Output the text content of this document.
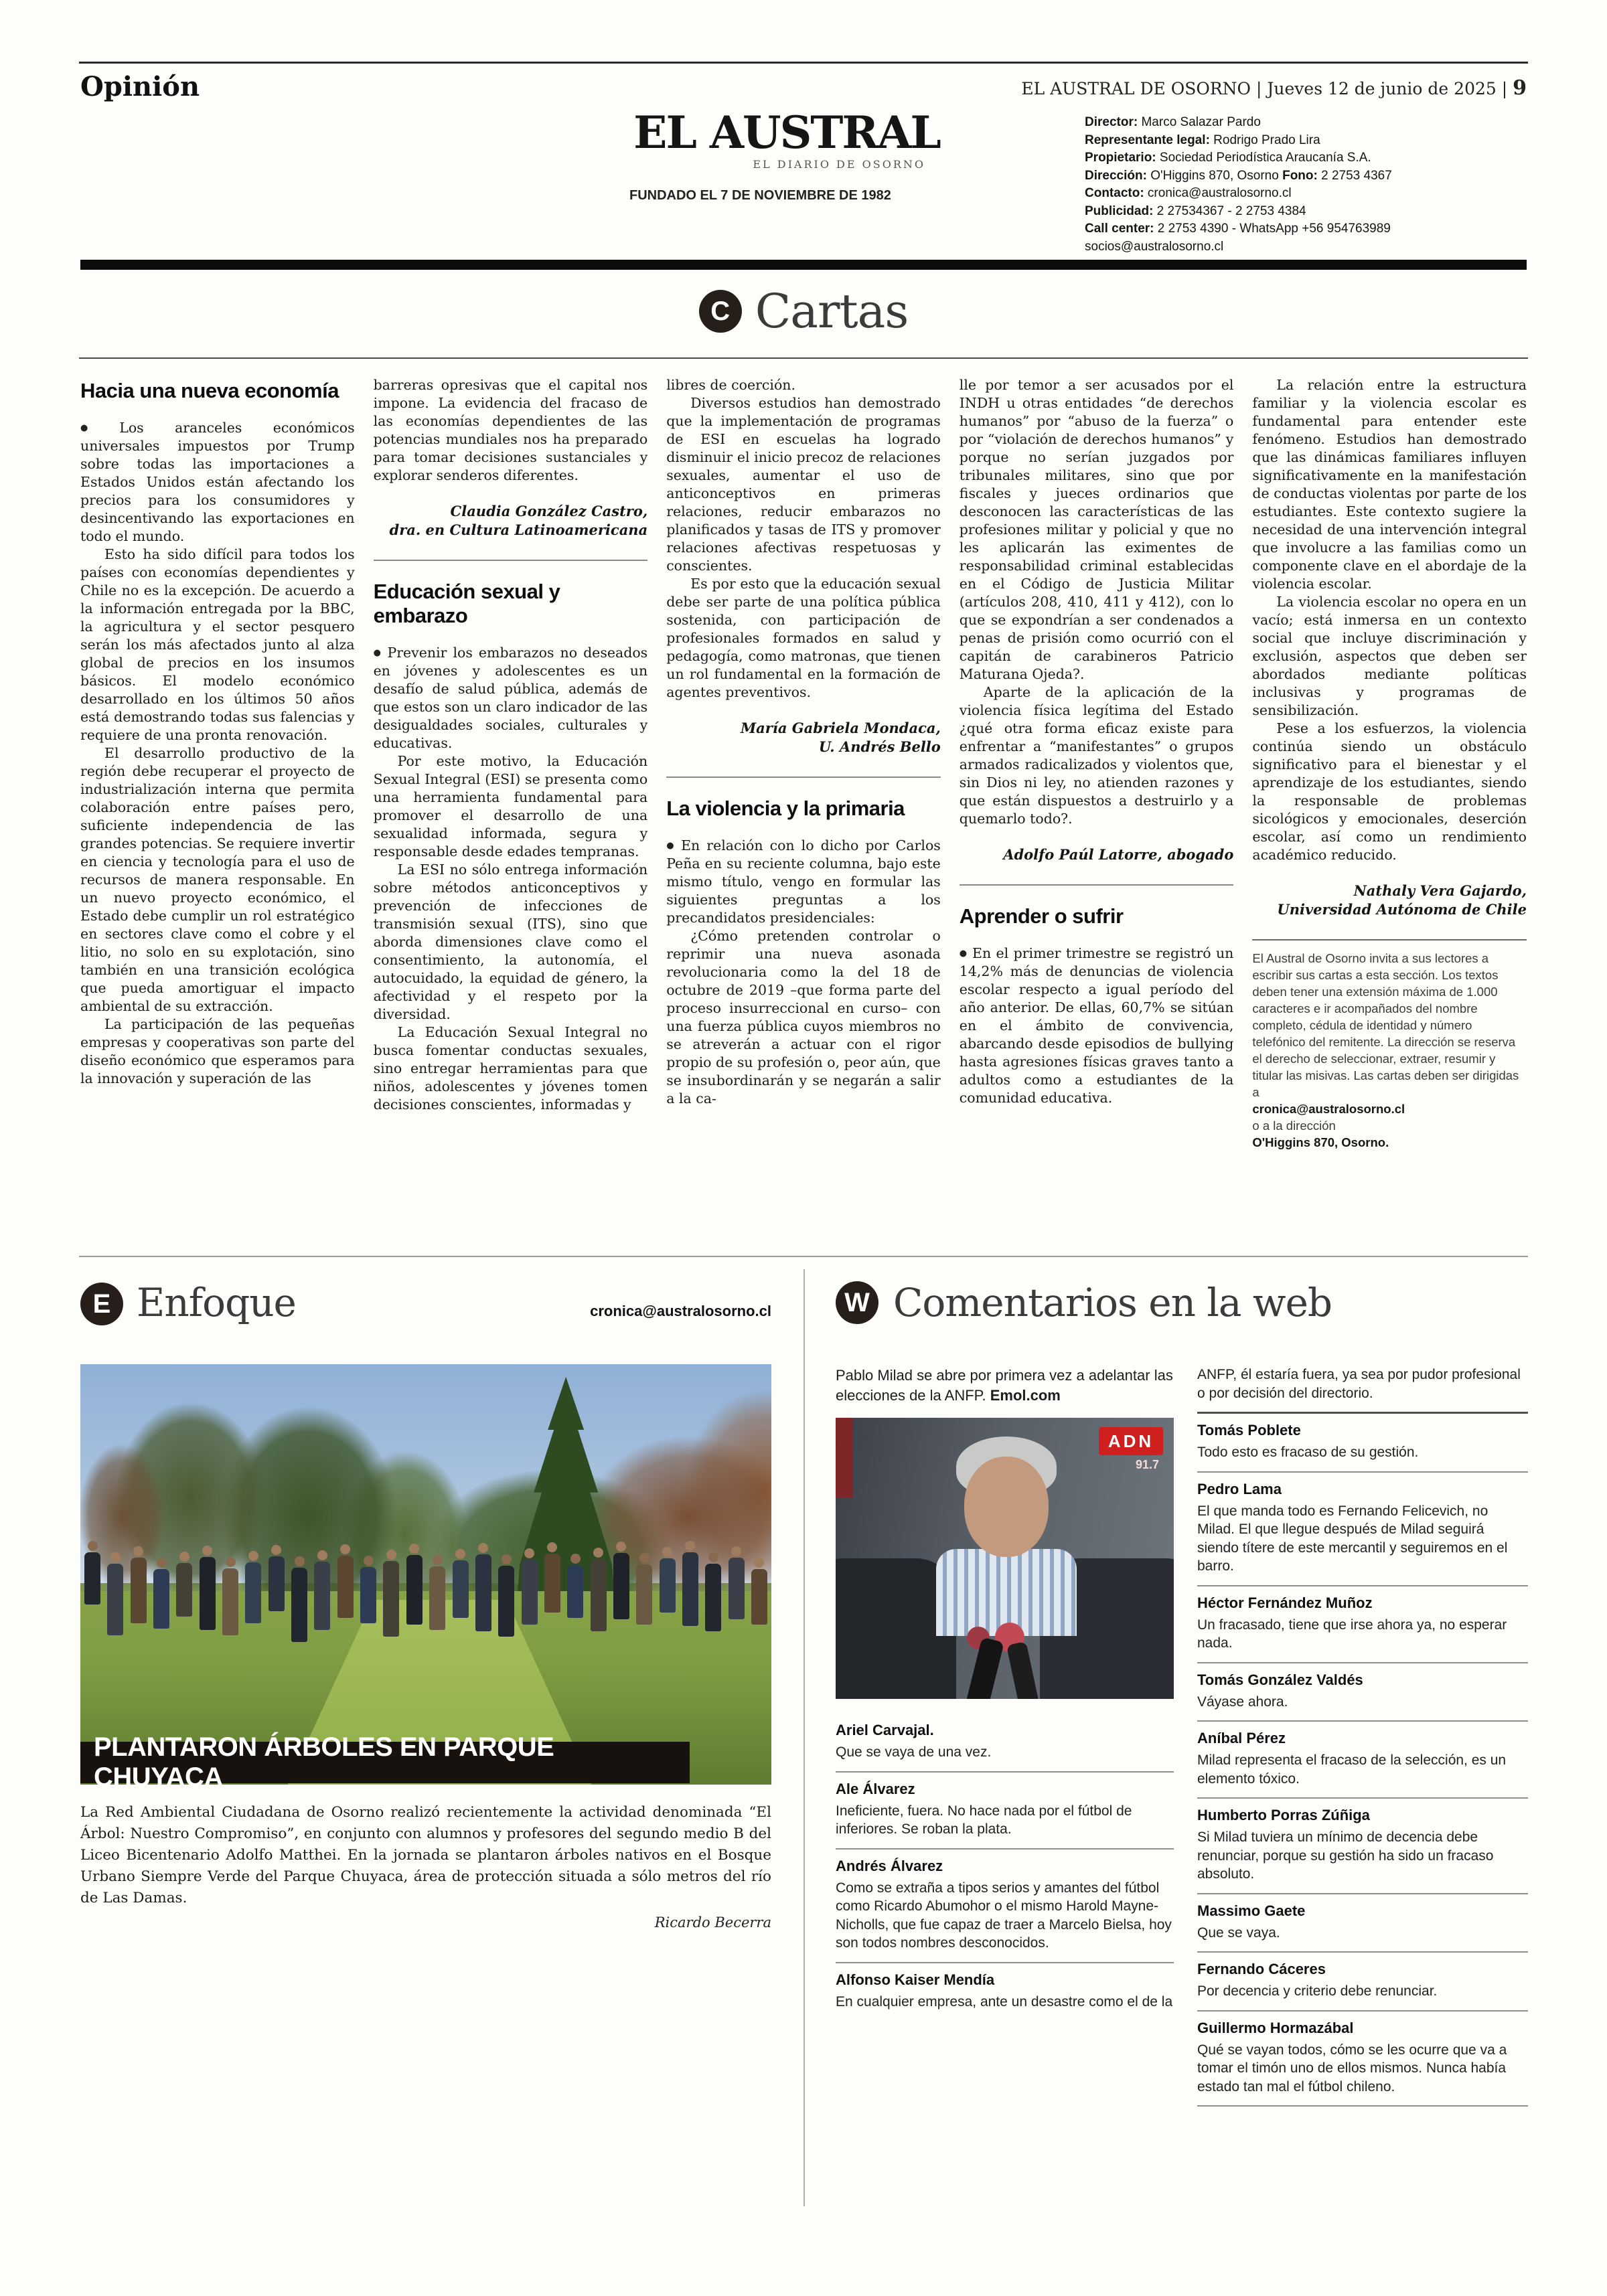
Opinión	EL AUSTRAL DE OSORNO | Jueves 12 de junio de 2025 | 9
EL AUSTRAL
EL DIARIO DE OSORNO
FUNDADO EL 7 DE NOVIEMBRE DE 1982
Director: Marco Salazar Pardo
Representante legal: Rodrigo Prado Lira
Propietario: Sociedad Periodística Araucanía S.A.
Dirección: O'Higgins 870, Osorno Fono: 2 2753 4367
Contacto: cronica@australosorno.cl
Publicidad: 2 27534367 - 2 2753 4384
Call center: 2 2753 4390 - WhatsApp +56 954763989
socios@australosorno.cl
C Cartas
Hacia una nueva economía

● Los aranceles económicos universales impuestos por Trump sobre todas las importaciones a Estados Unidos están afectando los precios para los consumidores y desincentivando las exportaciones en todo el mundo.

Esto ha sido difícil para todos los países con economías dependientes y Chile no es la excepción. De acuerdo a la información entregada por la BBC, la agricultura y el sector pesquero serán los más afectados junto al alza global de precios en los insumos básicos. El modelo económico desarrollado en los últimos 50 años está demostrando todas sus falencias y requiere de una pronta renovación.

El desarrollo productivo de la región debe recuperar el proyecto de industrialización interna que permita colaboración entre países pero, suficiente independencia de las grandes potencias. Se requiere invertir en ciencia y tecnología para el uso de recursos de manera responsable. En un nuevo proyecto económico, el Estado debe cumplir un rol estratégico en sectores clave como el cobre y el litio, no solo en su explotación, sino también en una transición ecológica que pueda amortiguar el impacto ambiental de su extracción.

La participación de las pequeñas empresas y cooperativas son parte del diseño económico que esperamos para la innovación y superación de las

barreras opresivas que el capital nos impone. La evidencia del fracaso de las economías dependientes de las potencias mundiales nos ha preparado para tomar decisiones sustanciales y explorar senderos diferentes.

Claudia González Castro,
dra. en Cultura Latinoamericana
Educación sexual y embarazo

● Prevenir los embarazos no deseados en jóvenes y adolescentes es un desafío de salud pública, además de que estos son un claro indicador de las desigualdades sociales, culturales y educativas.

Por este motivo, la Educación Sexual Integral (ESI) se presenta como una herramienta fundamental para promover el desarrollo de una sexualidad informada, segura y responsable desde edades tempranas.

La ESI no sólo entrega información sobre métodos anticonceptivos y prevención de infecciones de transmisión sexual (ITS), sino que aborda dimensiones clave como el consentimiento, la autonomía, el autocuidado, la equidad de género, la afectividad y el respeto por la diversidad.

La Educación Sexual Integral no busca fomentar conductas sexuales, sino entregar herramientas para que niños, adolescentes y jóvenes tomen decisiones conscientes, informadas y

libres de coerción.

Diversos estudios han demostrado que la implementación de programas de ESI en escuelas ha logrado disminuir el inicio precoz de relaciones sexuales, aumentar el uso de anticonceptivos en primeras relaciones, reducir embarazos no planificados y tasas de ITS y promover relaciones afectivas respetuosas y conscientes.

Es por esto que la educación sexual debe ser parte de una política pública sostenida, con participación de profesionales formados en salud y pedagogía, como matronas, que tienen un rol fundamental en la formación de agentes preventivos.

María Gabriela Mondaca,
U. Andrés Bello
La violencia y la primaria

● En relación con lo dicho por Carlos Peña en su reciente columna, bajo este mismo título, vengo en formular las siguientes preguntas a los precandidatos presidenciales:

¿Cómo pretenden controlar o reprimir una nueva asonada revolucionaria como la del 18 de octubre de 2019 –que forma parte del proceso insurreccional en curso– con una fuerza pública cuyos miembros no se atreverán a actuar con el rigor propio de su profesión o, peor aún, que se insubordinarán y se negarán a salir a la ca-

lle por temor a ser acusados por el INDH u otras entidades “de derechos humanos” por “abuso de la fuerza” o por “violación de derechos humanos” y porque no serían juzgados por tribunales militares, sino que por fiscales y jueces ordinarios que desconocen las características de las profesiones militar y policial y que no les aplicarán las eximentes de responsabilidad criminal establecidas en el Código de Justicia Militar (artículos 208, 410, 411 y 412), con lo que se expondrían a ser condenados a penas de prisión como ocurrió con el capitán de carabineros Patricio Maturana Ojeda?.

Aparte de la aplicación de la violencia física legítima del Estado ¿qué otra forma eficaz existe para enfrentar a “manifestantes” o grupos armados radicalizados y violentos que, sin Dios ni ley, no atienden razones y que están dispuestos a destruirlo y a quemarlo todo?.

Adolfo Paúl Latorre, abogado
Aprender o sufrir

● En el primer trimestre se registró un 14,2% más de denuncias de violencia escolar respecto a igual período del año anterior. De ellas, 60,7% se sitúan en el ámbito de convivencia, abarcando desde episodios de bullying hasta agresiones físicas graves tanto a adultos como a estudiantes de la comunidad educativa.

La relación entre la estructura familiar y la violencia escolar es fundamental para entender este fenómeno. Estudios han demostrado que las dinámicas familiares influyen significativamente en la manifestación de conductas violentas por parte de los estudiantes. Este contexto sugiere la necesidad de una intervención integral que involucre a las familias como un componente clave en el abordaje de la violencia escolar.

La violencia escolar no opera en un vacío; está inmersa en un contexto social que incluye discriminación y exclusión, aspectos que deben ser abordados mediante políticas inclusivas y programas de sensibilización.

Pese a los esfuerzos, la violencia continúa siendo un obstáculo significativo para el bienestar y el aprendizaje de los estudiantes, siendo la responsable de problemas sicológicos y emocionales, deserción escolar, así como un rendimiento académico reducido.

Nathaly Vera Gajardo,
Universidad Autónoma de Chile
El Austral de Osorno invita a sus lectores a escribir sus cartas a esta sección. Los textos deben tener una extensión máxima de 1.000 caracteres e ir acompañados del nombre completo, cédula de identidad y número telefónico del remitente. La dirección se reserva el derecho de seleccionar, extraer, resumir y titular las misivas. Las cartas deben ser dirigidas a
cronica@australosorno.cl
o a la dirección
O'Higgins 870, Osorno.
E Enfoque	cronica@australosorno.cl
PLANTARON ÁRBOLES EN PARQUE CHUYACA

La Red Ambiental Ciudadana de Osorno realizó recientemente la actividad denominada “El Árbol: Nuestro Compromiso”, en conjunto con alumnos y profesores del segundo medio B del Liceo Bicentenario Adolfo Matthei. En la jornada se plantaron árboles nativos en el Bosque Urbano Siempre Verde del Parque Chuyaca, área de protección situada a sólo metros del río de Las Damas.

Ricardo Becerra
W Comentarios en la web

Pablo Milad se abre por primera vez a adelantar las elecciones de la ANFP. Emol.com

ADN
91.7
Ariel Carvajal.
Que se vaya de una vez.
Ale Álvarez
Ineficiente, fuera. No hace nada por el fútbol de inferiores. Se roban la plata.
Andrés Álvarez
Como se extraña a tipos serios y amantes del fútbol como Ricardo Abumohor o el mismo Harold Mayne-Nicholls, que fue capaz de traer a Marcelo Bielsa, hoy son todos nombres desconocidos.
Alfonso Kaiser Mendía
En cualquier empresa, ante un desastre como el de la
ANFP, él estaría fuera, ya sea por pudor profesional o por decisión del directorio.
Tomás Poblete
Todo esto es fracaso de su gestión.
Pedro Lama
El que manda todo es Fernando Felicevich, no Milad. El que llegue después de Milad seguirá siendo títere de este mercantil y seguiremos en el barro.
Héctor Fernández Muñoz
Un fracasado, tiene que irse ahora ya, no esperar nada.
Tomás González Valdés
Váyase ahora.
Aníbal Pérez
Milad representa el fracaso de la selección, es un elemento tóxico.
Humberto Porras Zúñiga
Si Milad tuviera un mínimo de decencia debe renunciar, porque su gestión ha sido un fracaso absoluto.
Massimo Gaete
Que se vaya.
Fernando Cáceres
Por decencia y criterio debe renunciar.
Guillermo Hormazábal
Qué se vayan todos, cómo se les ocurre que va a tomar el timón uno de ellos mismos. Nunca había estado tan mal el fútbol chileno.
